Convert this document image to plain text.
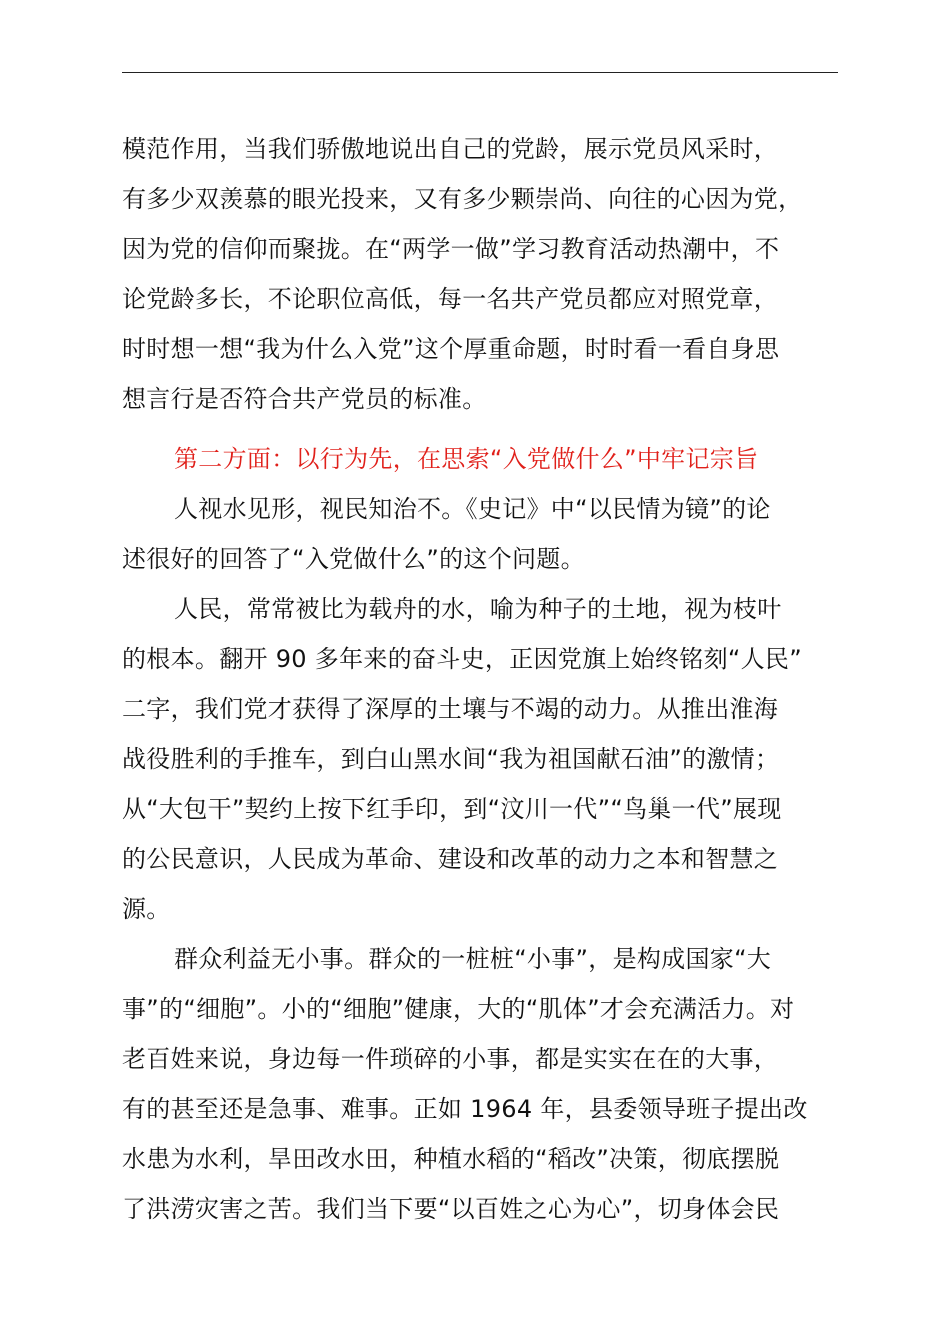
模范作用，当我们骄傲地说出自己的党龄，展示党员风采时，
有多少双羡慕的眼光投来，又有多少颗崇尚、向往的心因为党，
因为党的信仰而聚拢。在“两学一做”学习教育活动热潮中，不
论党龄多长，不论职位高低，每一名共产党员都应对照党章，
时时想一想“我为什么入党”这个厚重命题，时时看一看自身思
想言行是否符合共产党员的标准。
第二方面：以行为先，在思索“入党做什么”中牢记宗旨
人视水见形，视民知治不。《史记》中“以民情为镜”的论
述很好的回答了“入党做什么”的这个问题。
人民，常常被比为载舟的水，喻为种子的土地，视为枝叶
的根本。翻开 90 多年来的奋斗史，正因党旗上始终铭刻“人民”
二字，我们党才获得了深厚的土壤与不竭的动力。从推出淮海
战役胜利的手推车，到白山黑水间“我为祖国献石油”的激情；
从“大包干”契约上按下红手印，到“汶川一代”“鸟巢一代”展现
的公民意识，人民成为革命、建设和改革的动力之本和智慧之
源。
群众利益无小事。群众的一桩桩“小事”，是构成国家“大
事”的“细胞”。小的“细胞”健康，大的“肌体”才会充满活力。对
老百姓来说，身边每一件琐碎的小事，都是实实在在的大事，
有的甚至还是急事、难事。正如 1964 年，县委领导班子提出改
水患为水利，旱田改水田，种植水稻的“稻改”决策，彻底摆脱
了洪涝灾害之苦。我们当下要“以百姓之心为心”，切身体会民
